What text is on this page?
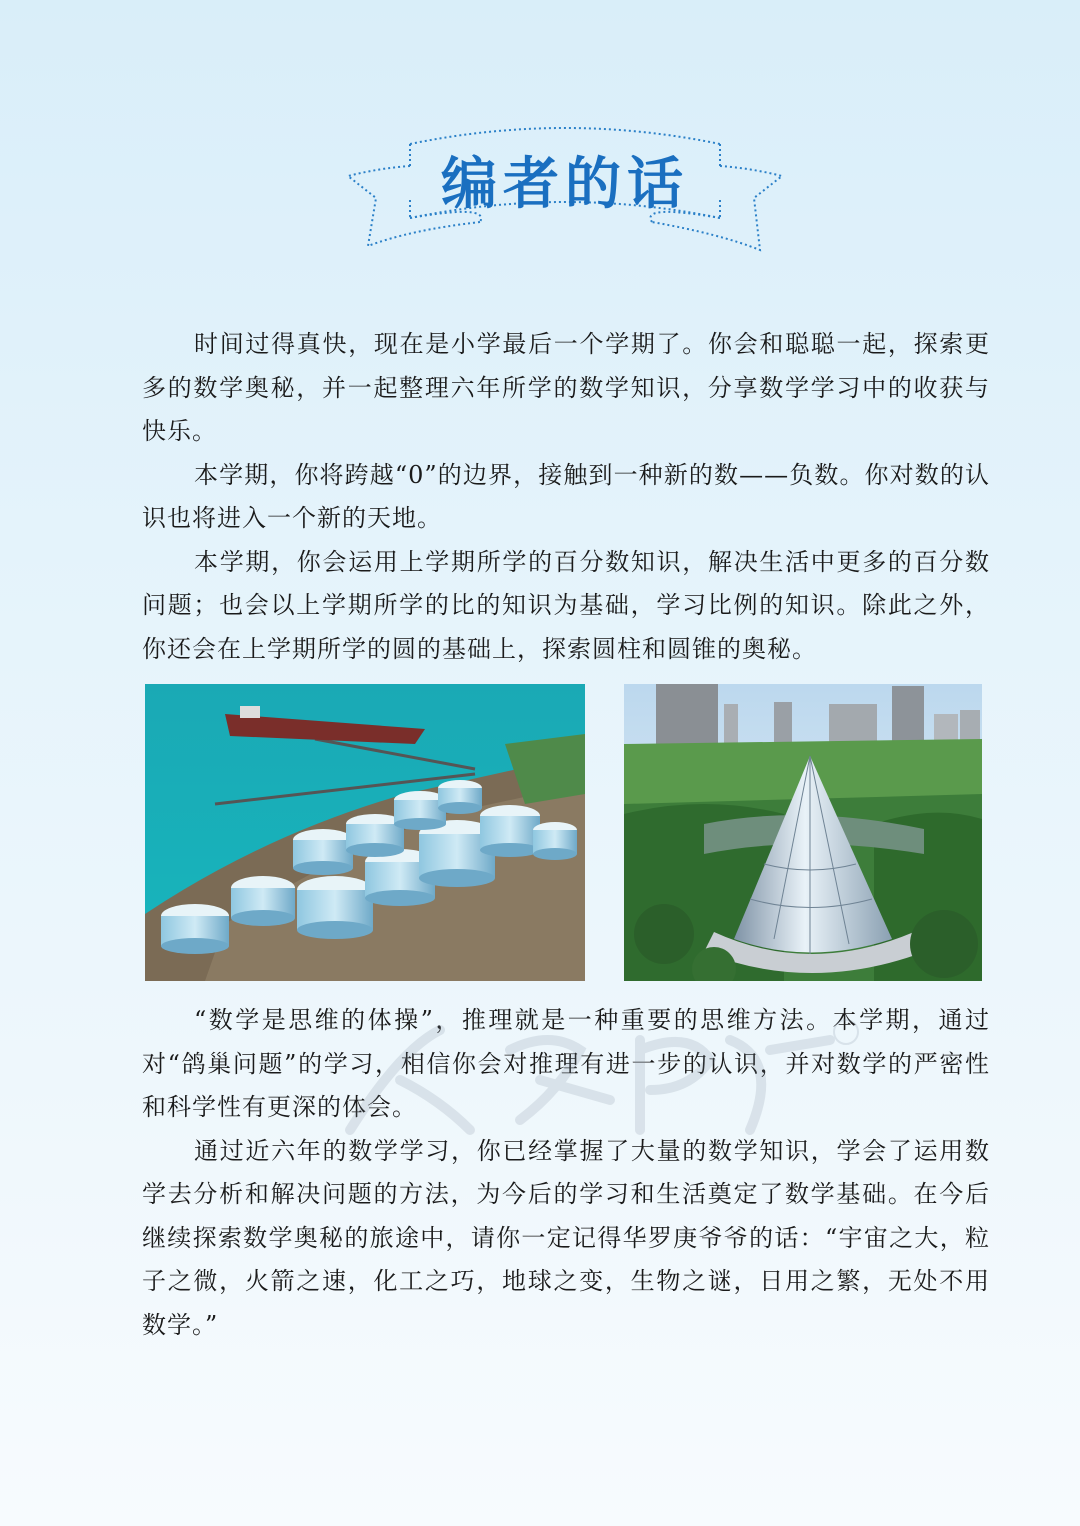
编者的话

时间过得真快，现在是小学最后一个学期了。你会和聪聪一起，探索更多的数学奥秘，并一起整理六年所学的数学知识，分享数学学习中的收获与快乐。

本学期，你将跨越“0”的边界，接触到一种新的数——负数。你对数的认识也将进入一个新的天地。

本学期，你会运用上学期所学的百分数知识，解决生活中更多的百分数问题；也会以上学期所学的比的知识为基础，学习比例的知识。除此之外，你还会在上学期所学的圆的基础上，探索圆柱和圆锥的奥秘。

“数学是思维的体操”，推理就是一种重要的思维方法。本学期，通过对“鸽巢问题”的学习，相信你会对推理有进一步的认识，并对数学的严密性和科学性有更深的体会。

通过近六年的数学学习，你已经掌握了大量的数学知识，学会了运用数学去分析和解决问题的方法，为今后的学习和生活奠定了数学基础。在今后继续探索数学奥秘的旅途中，请你一定记得华罗庚爷爷的话：“宇宙之大，粒子之微，火箭之速，化工之巧，地球之变，生物之谜，日用之繁，无处不用数学。”
